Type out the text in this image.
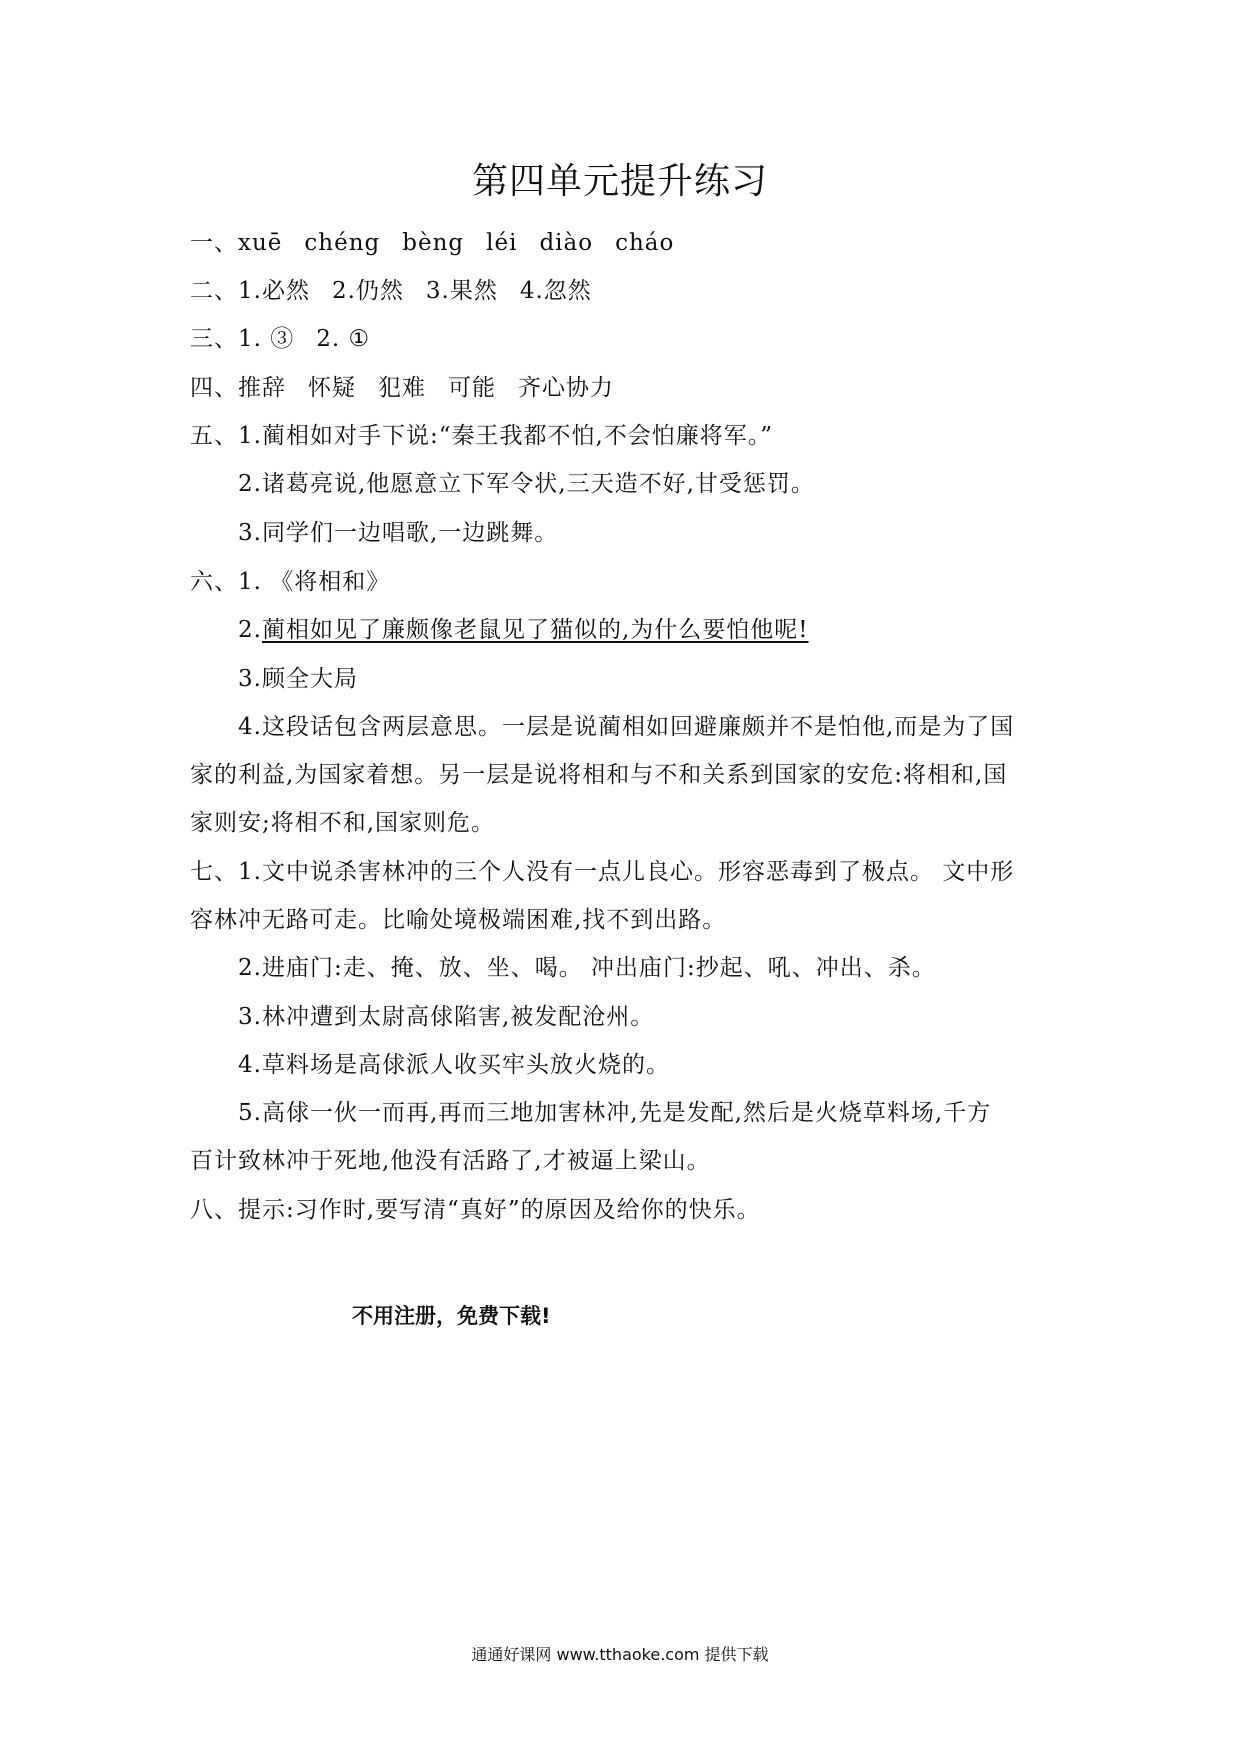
第四单元提升练习
一、xuē chéng bèng léi diào cháo
二、1.必然 2.仍然 3.果然 4.忽然
三、1. ③ 2. ①
四、推辞 怀疑 犯难 可能 齐心协力
五、1.蔺相如对手下说:“秦王我都不怕,不会怕廉将军。”
2.诸葛亮说,他愿意立下军令状,三天造不好,甘受惩罚。
3.同学们一边唱歌,一边跳舞。
六、1. 《将相和》
2.蔺相如见了廉颇像老鼠见了猫似的,为什么要怕他呢!
3.顾全大局
4.这段话包含两层意思。一层是说蔺相如回避廉颇并不是怕他,而是为了国
家的利益,为国家着想。另一层是说将相和与不和关系到国家的安危:将相和,国
家则安;将相不和,国家则危。
七、1.文中说杀害林冲的三个人没有一点儿良心。形容恶毒到了极点。 文中形
容林冲无路可走。比喻处境极端困难,找不到出路。
2.进庙门:走、掩、放、坐、喝。 冲出庙门:抄起、吼、冲出、杀。
3.林冲遭到太尉高俅陷害,被发配沧州。
4.草料场是高俅派人收买牢头放火烧的。
5.高俅一伙一而再,再而三地加害林冲,先是发配,然后是火烧草料场,千方
百计致林冲于死地,他没有活路了,才被逼上梁山。
八、提示:习作时,要写清“真好”的原因及给你的快乐。
不用注册，免费下载!
通通好课网 www.tthaoke.com 提供下载
